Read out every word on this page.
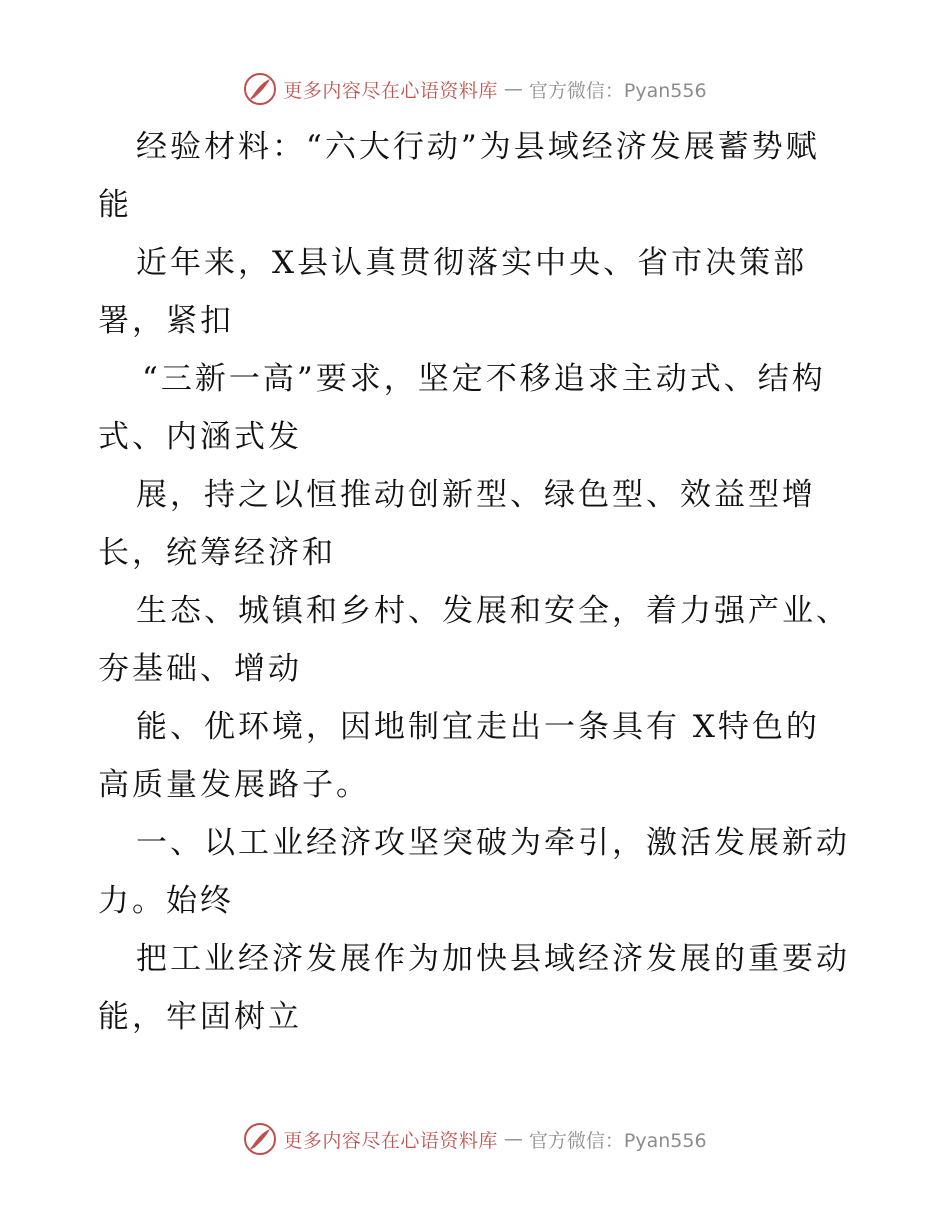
更多内容尽在心语资料库 — 官方微信：Pyan556
经验材料：“六大行动”为县域经济发展蓄势赋
能
近年来，X县认真贯彻落实中央、省市决策部
署，紧扣
“三新一高”要求，坚定不移追求主动式、结构
式、内涵式发
展，持之以恒推动创新型、绿色型、效益型增
长，统筹经济和
生态、城镇和乡村、发展和安全，着力强产业、
夯基础、增动
能、优环境，因地制宜走出一条具有 X特色的
高质量发展路子。
一、以工业经济攻坚突破为牵引，激活发展新动
力。始终
把工业经济发展作为加快县域经济发展的重要动
能，牢固树立
更多内容尽在心语资料库 — 官方微信：Pyan556
